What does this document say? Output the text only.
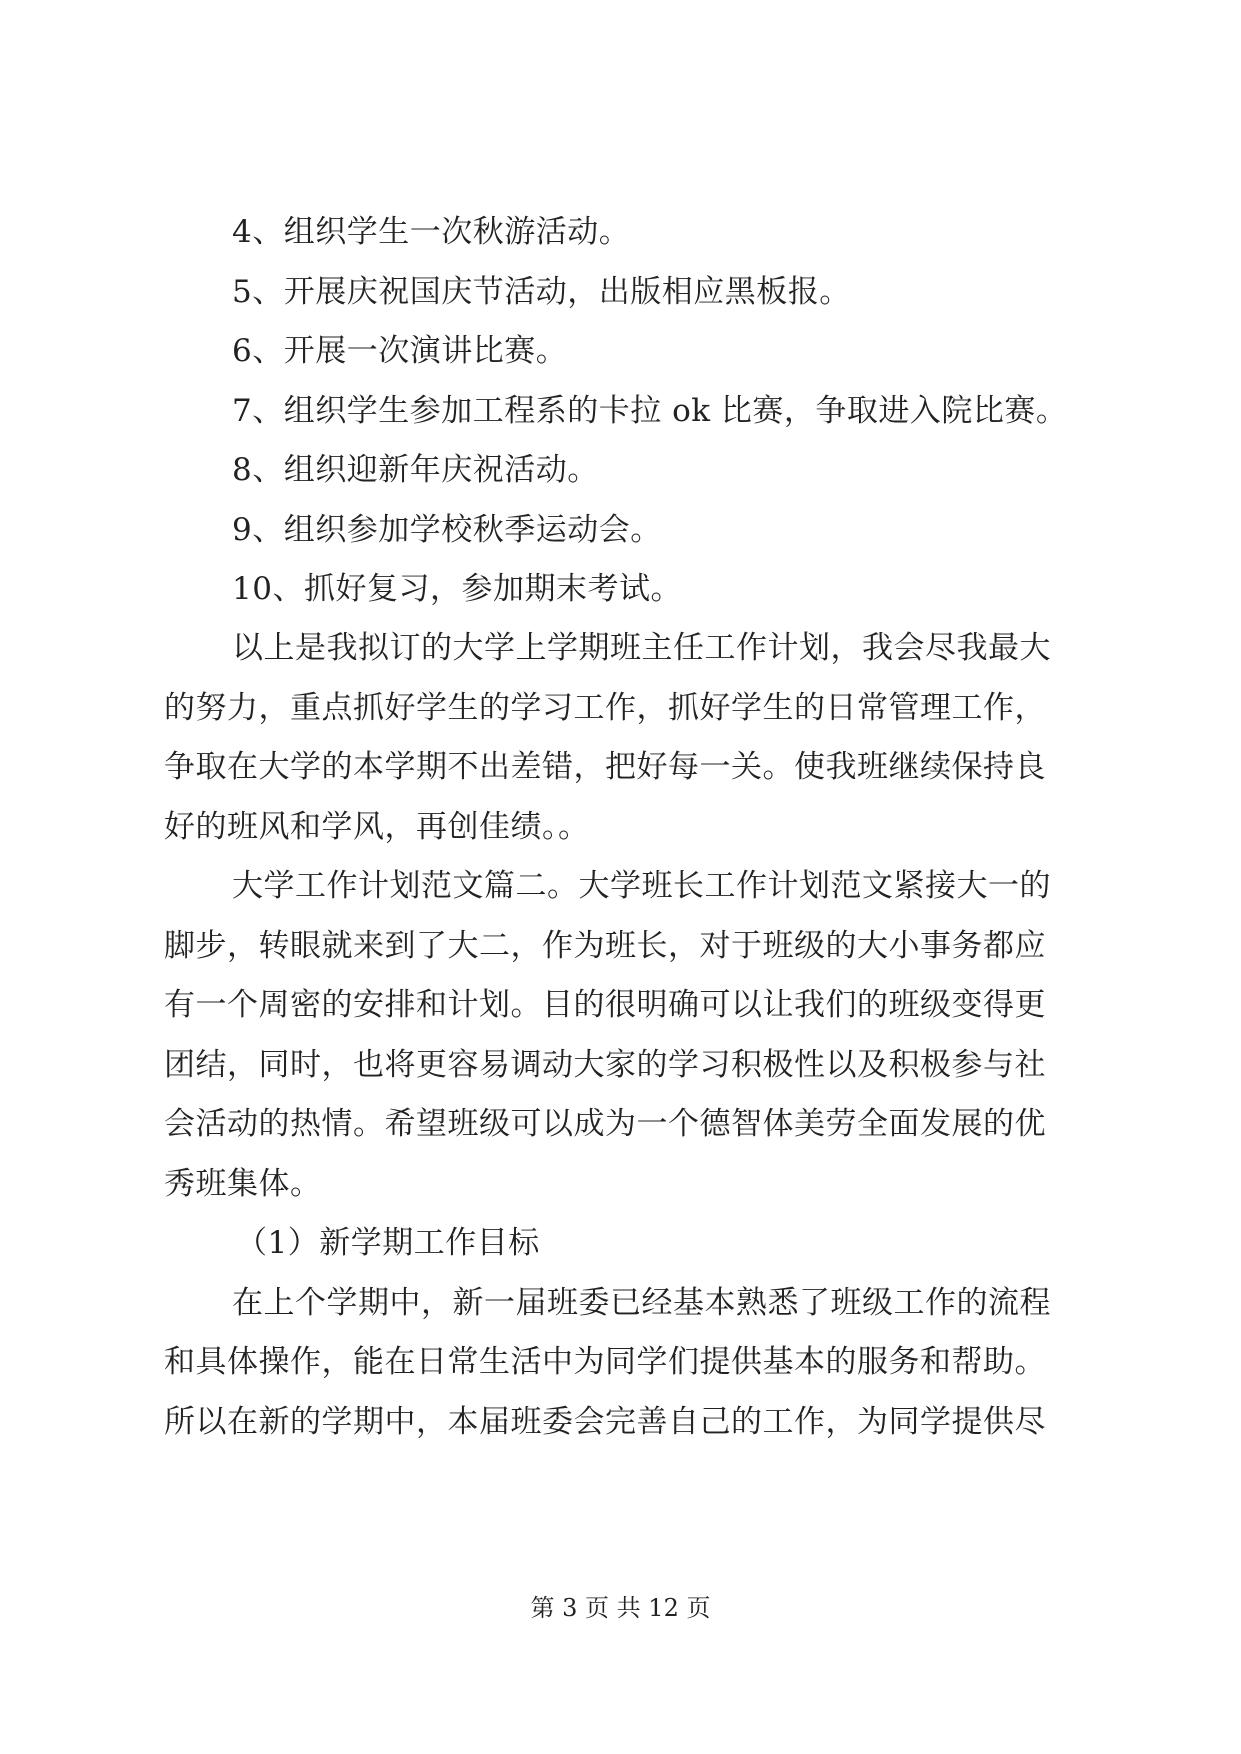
4、组织学生一次秋游活动。
5、开展庆祝国庆节活动，出版相应黑板报。
6、开展一次演讲比赛。
7、组织学生参加工程系的卡拉 ok 比赛，争取进入院比赛。
8、组织迎新年庆祝活动。
9、组织参加学校秋季运动会。
10、抓好复习，参加期末考试。
以上是我拟订的大学上学期班主任工作计划，我会尽我最大
的努力，重点抓好学生的学习工作，抓好学生的日常管理工作，
争取在大学的本学期不出差错，把好每一关。使我班继续保持良
好的班风和学风，再创佳绩。。
大学工作计划范文篇二。大学班长工作计划范文紧接大一的
脚步，转眼就来到了大二，作为班长，对于班级的大小事务都应
有一个周密的安排和计划。目的很明确可以让我们的班级变得更
团结，同时，也将更容易调动大家的学习积极性以及积极参与社
会活动的热情。希望班级可以成为一个德智体美劳全面发展的优
秀班集体。
（1）新学期工作目标
在上个学期中，新一届班委已经基本熟悉了班级工作的流程
和具体操作，能在日常生活中为同学们提供基本的服务和帮助。
所以在新的学期中，本届班委会完善自己的工作，为同学提供尽
第 3 页 共 12 页
